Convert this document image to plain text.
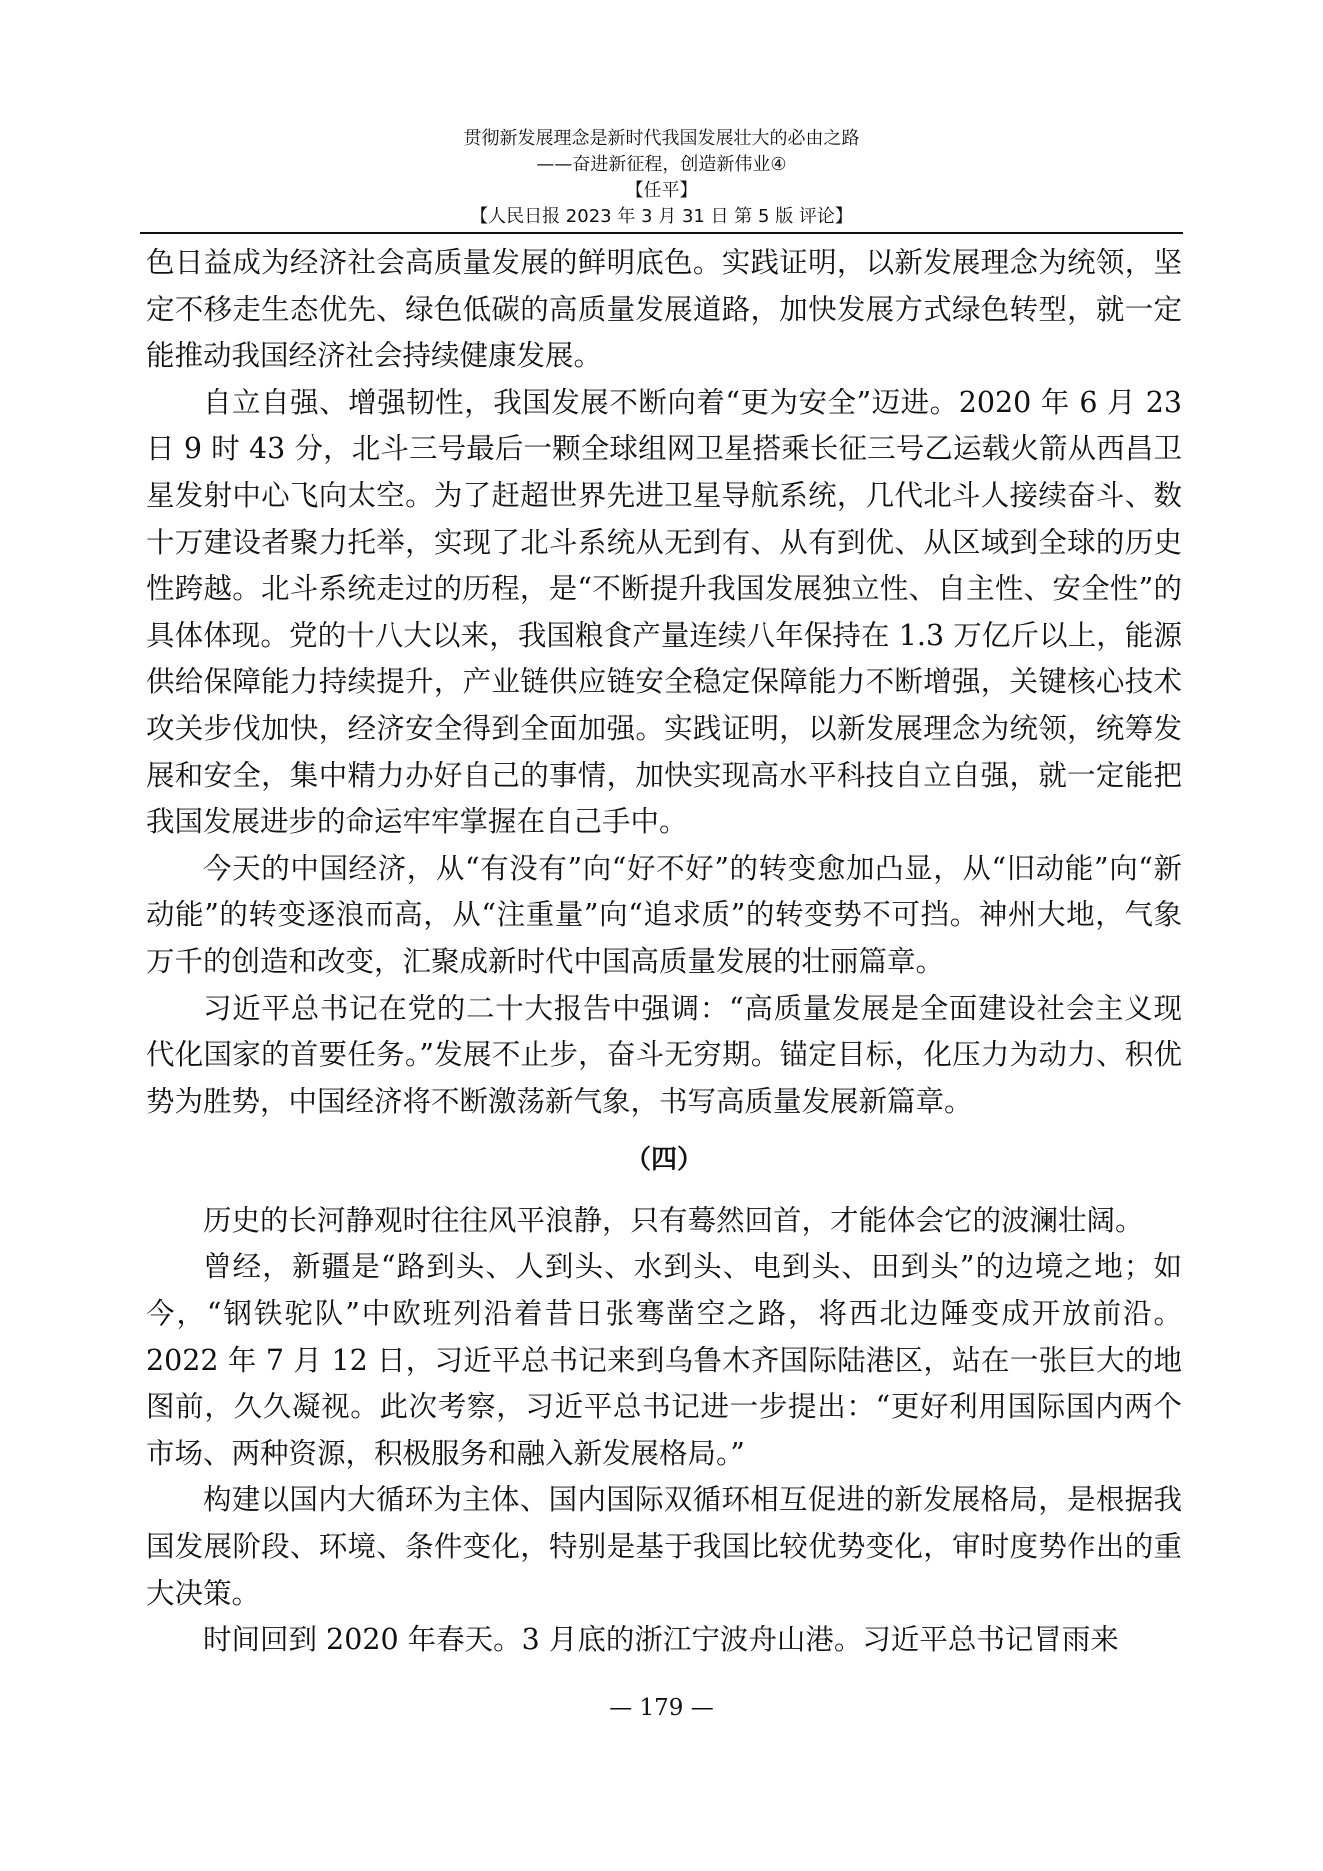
贯彻新发展理念是新时代我国发展壮大的必由之路
——奋进新征程，创造新伟业④
【任平】
【人民日报 2023 年 3 月 31 日 第 5 版 评论】

色日益成为经济社会高质量发展的鲜明底色。实践证明，以新发展理念为统领，坚定不移走生态优先、绿色低碳的高质量发展道路，加快发展方式绿色转型，就一定能推动我国经济社会持续健康发展。

自立自强、增强韧性，我国发展不断向着“更为安全”迈进。2020 年 6 月 23 日 9 时 43 分，北斗三号最后一颗全球组网卫星搭乘长征三号乙运载火箭从西昌卫星发射中心飞向太空。为了赶超世界先进卫星导航系统，几代北斗人接续奋斗、数十万建设者聚力托举，实现了北斗系统从无到有、从有到优、从区域到全球的历史性跨越。北斗系统走过的历程，是“不断提升我国发展独立性、自主性、安全性”的具体体现。党的十八大以来，我国粮食产量连续八年保持在 1.3 万亿斤以上，能源供给保障能力持续提升，产业链供应链安全稳定保障能力不断增强，关键核心技术攻关步伐加快，经济安全得到全面加强。实践证明，以新发展理念为统领，统筹发展和安全，集中精力办好自己的事情，加快实现高水平科技自立自强，就一定能把我国发展进步的命运牢牢掌握在自己手中。

今天的中国经济，从“有没有”向“好不好”的转变愈加凸显，从“旧动能”向“新动能”的转变逐浪而高，从“注重量”向“追求质”的转变势不可挡。神州大地，气象万千的创造和改变，汇聚成新时代中国高质量发展的壮丽篇章。

习近平总书记在党的二十大报告中强调：“高质量发展是全面建设社会主义现代化国家的首要任务。”发展不止步，奋斗无穷期。锚定目标，化压力为动力、积优势为胜势，中国经济将不断激荡新气象，书写高质量发展新篇章。

（四）

历史的长河静观时往往风平浪静，只有蓦然回首，才能体会它的波澜壮阔。

曾经，新疆是“路到头、人到头、水到头、电到头、田到头”的边境之地；如今，“钢铁驼队”中欧班列沿着昔日张骞凿空之路，将西北边陲变成开放前沿。2022 年 7 月 12 日，习近平总书记来到乌鲁木齐国际陆港区，站在一张巨大的地图前，久久凝视。此次考察，习近平总书记进一步提出：“更好利用国际国内两个市场、两种资源，积极服务和融入新发展格局。”

构建以国内大循环为主体、国内国际双循环相互促进的新发展格局，是根据我国发展阶段、环境、条件变化，特别是基于我国比较优势变化，审时度势作出的重大决策。

时间回到 2020 年春天。3 月底的浙江宁波舟山港。习近平总书记冒雨来

— 179 —
